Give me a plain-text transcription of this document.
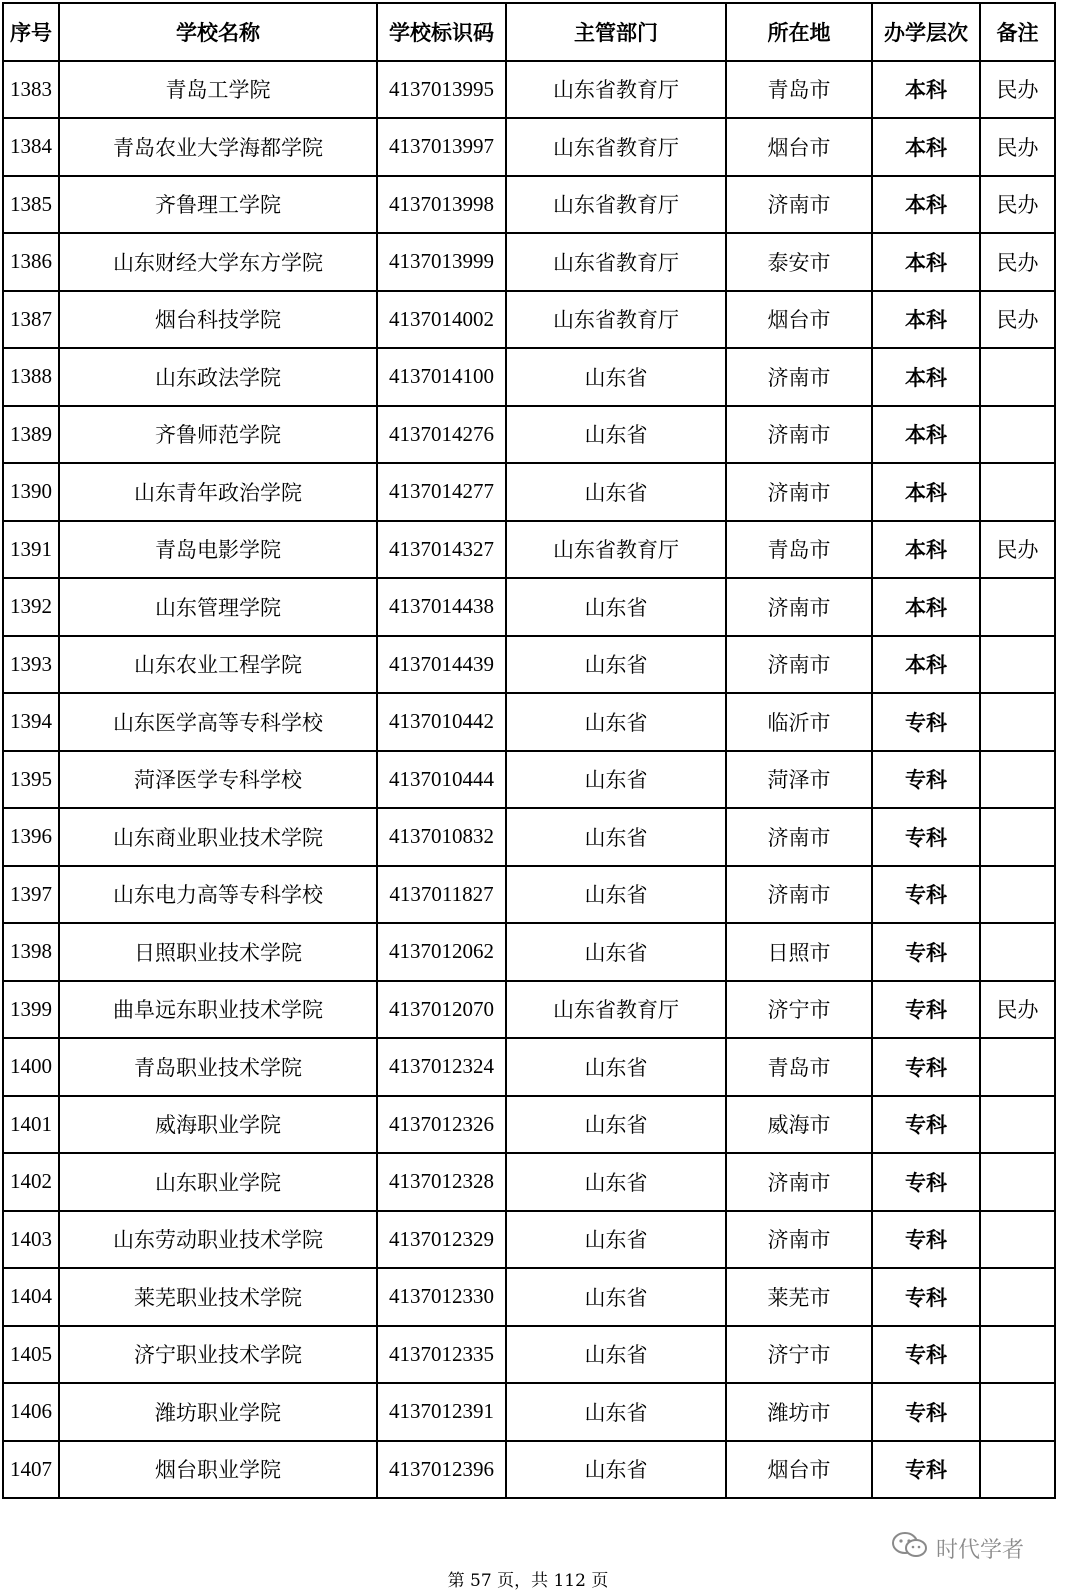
序号	学校名称	学校标识码	主管部门	所在地	办学层次	备注
1383	青岛工学院	4137013995	山东省教育厅	青岛市	本科	民办
1384	青岛农业大学海都学院	4137013997	山东省教育厅	烟台市	本科	民办
1385	齐鲁理工学院	4137013998	山东省教育厅	济南市	本科	民办
1386	山东财经大学东方学院	4137013999	山东省教育厅	泰安市	本科	民办
1387	烟台科技学院	4137014002	山东省教育厅	烟台市	本科	民办
1388	山东政法学院	4137014100	山东省	济南市	本科	
1389	齐鲁师范学院	4137014276	山东省	济南市	本科	
1390	山东青年政治学院	4137014277	山东省	济南市	本科	
1391	青岛电影学院	4137014327	山东省教育厅	青岛市	本科	民办
1392	山东管理学院	4137014438	山东省	济南市	本科	
1393	山东农业工程学院	4137014439	山东省	济南市	本科	
1394	山东医学高等专科学校	4137010442	山东省	临沂市	专科	
1395	菏泽医学专科学校	4137010444	山东省	菏泽市	专科	
1396	山东商业职业技术学院	4137010832	山东省	济南市	专科	
1397	山东电力高等专科学校	4137011827	山东省	济南市	专科	
1398	日照职业技术学院	4137012062	山东省	日照市	专科	
1399	曲阜远东职业技术学院	4137012070	山东省教育厅	济宁市	专科	民办
1400	青岛职业技术学院	4137012324	山东省	青岛市	专科	
1401	威海职业学院	4137012326	山东省	威海市	专科	
1402	山东职业学院	4137012328	山东省	济南市	专科	
1403	山东劳动职业技术学院	4137012329	山东省	济南市	专科	
1404	莱芜职业技术学院	4137012330	山东省	莱芜市	专科	
1405	济宁职业技术学院	4137012335	山东省	济宁市	专科	
1406	潍坊职业学院	4137012391	山东省	潍坊市	专科	
1407	烟台职业学院	4137012396	山东省	烟台市	专科	
时代学者
第 57 页，共 112 页
